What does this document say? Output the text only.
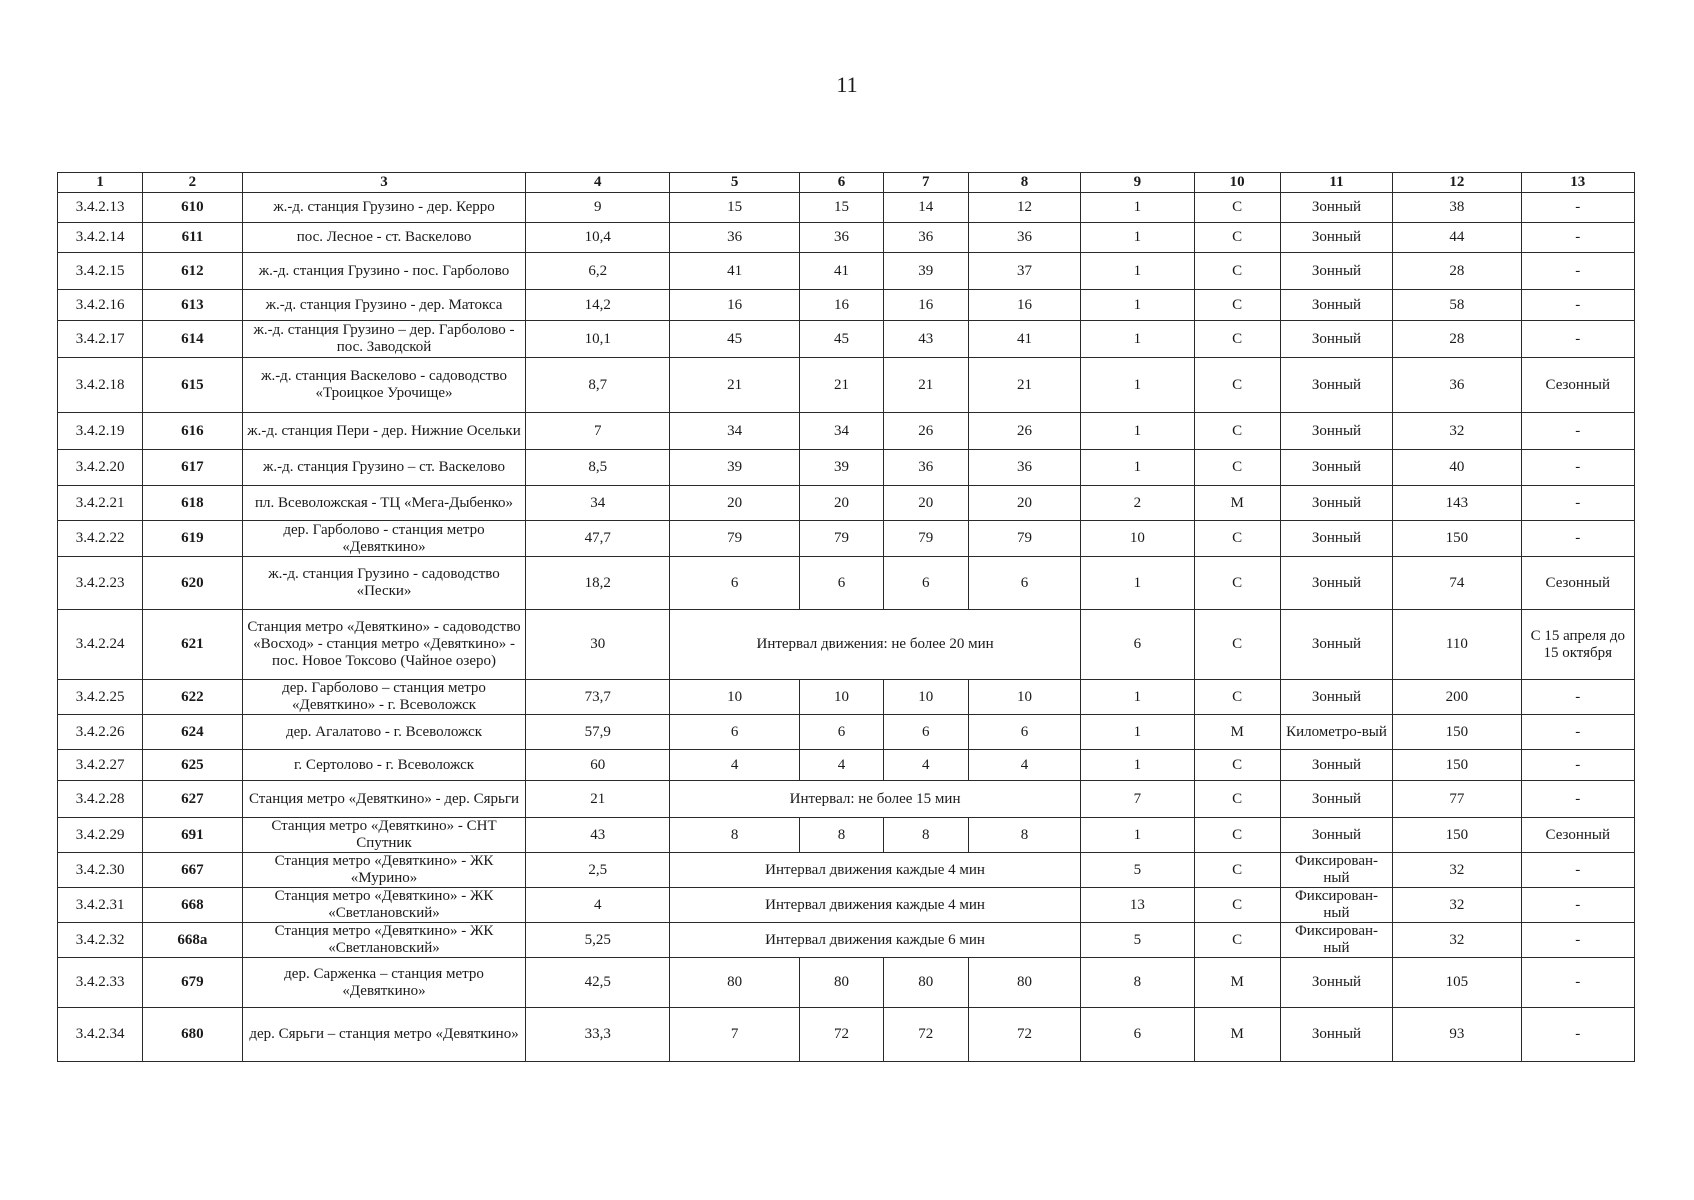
11
1	2	3	4	5	6	7	8	9	10	11	12	13
3.4.2.13	610	ж.-д. станция Грузино - дер. Керро	9	15	15	14	12	1	С	Зонный	38	-
3.4.2.14	611	пос. Лесное - ст. Васкелово	10,4	36	36	36	36	1	С	Зонный	44	-
3.4.2.15	612	ж.-д. станция Грузино - пос. Гарболово	6,2	41	41	39	37	1	С	Зонный	28	-
3.4.2.16	613	ж.-д. станция Грузино - дер. Матокса	14,2	16	16	16	16	1	С	Зонный	58	-
3.4.2.17	614	ж.-д. станция Грузино – дер. Гарболово - пос. Заводской	10,1	45	45	43	41	1	С	Зонный	28	-
3.4.2.18	615	ж.-д. станция Васкелово - садоводство «Троицкое Урочище»	8,7	21	21	21	21	1	С	Зонный	36	Сезонный
3.4.2.19	616	ж.-д. станция Пери - дер. Нижние Осельки	7	34	34	26	26	1	С	Зонный	32	-
3.4.2.20	617	ж.-д. станция Грузино – ст. Васкелово	8,5	39	39	36	36	1	С	Зонный	40	-
3.4.2.21	618	пл. Всеволожская - ТЦ «Мега-Дыбенко»	34	20	20	20	20	2	М	Зонный	143	-
3.4.2.22	619	дер. Гарболово - станция метро «Девяткино»	47,7	79	79	79	79	10	С	Зонный	150	-
3.4.2.23	620	ж.-д. станция Грузино - садоводство «Пески»	18,2	6	6	6	6	1	С	Зонный	74	Сезонный
3.4.2.24	621	Станция метро «Девяткино» - садоводство «Восход» - станция метро «Девяткино» - пос. Новое Токсово (Чайное озеро)	30	Интервал движения: не более 20 мин				6	С	Зонный	110	С 15 апреля до 15 октября
3.4.2.25	622	дер. Гарболово – станция метро «Девяткино» - г. Всеволожск	73,7	10	10	10	10	1	С	Зонный	200	-
3.4.2.26	624	дер. Агалатово - г. Всеволожск	57,9	6	6	6	6	1	М	Километро-вый	150	-
3.4.2.27	625	г. Сертолово - г. Всеволожск	60	4	4	4	4	1	С	Зонный	150	-
3.4.2.28	627	Станция метро «Девяткино» - дер. Сярьги	21	Интервал: не более 15 мин				7	С	Зонный	77	-
3.4.2.29	691	Станция метро «Девяткино» - СНТ Спутник	43	8	8	8	8	1	С	Зонный	150	Сезонный
3.4.2.30	667	Станция метро «Девяткино» - ЖК «Мурино»	2,5	Интервал движения каждые 4 мин				5	С	Фиксирован-ный	32	-
3.4.2.31	668	Станция метро «Девяткино» - ЖК «Светлановский»	4	Интервал движения каждые 4 мин				13	С	Фиксирован-ный	32	-
3.4.2.32	668а	Станция метро «Девяткино» - ЖК «Светлановский»	5,25	Интервал движения каждые 6 мин				5	С	Фиксирован-ный	32	-
3.4.2.33	679	дер. Сарженка – станция метро «Девяткино»	42,5	80	80	80	80	8	М	Зонный	105	-
3.4.2.34	680	дер. Сярьги – станция метро «Девяткино»	33,3	7	72	72	72	6	М	Зонный	93	-
